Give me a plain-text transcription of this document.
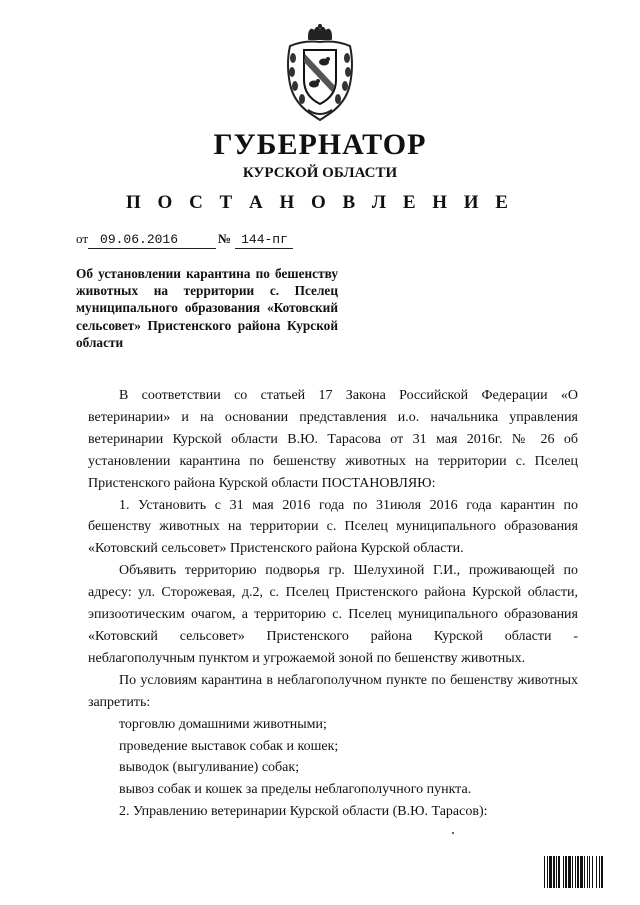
ГУБЕРНАТОР
КУРСКОЙ ОБЛАСТИ
П О С Т А Н О В Л Е Н И Е
от 09.06.2016	№ 144-пг
Об установлении карантина по бешенству животных на территории с. Пселец муниципального образования «Котовский сельсовет» Пристенского района Курской области

В соответствии со статьей 17 Закона Российской Федерации «О ветеринарии» и на основании представления и.о. начальника управления ветеринарии Курской области В.Ю. Тарасова от 31 мая 2016г. № 26 об установлении карантина по бешенству животных на территории с. Пселец Пристенского района Курской области ПОСТАНОВЛЯЮ:

1. Установить с 31 мая 2016 года по 31июля 2016 года карантин по бешенству животных на территории с. Пселец муниципального образования «Котовский сельсовет» Пристенского района Курской области.

Объявить территорию подворья гр. Шелухиной Г.И., проживающей по адресу: ул. Сторожевая, д.2, с. Пселец Пристенского района Курской области, эпизоотическим очагом, а территорию с. Пселец муниципального образования «Котовский сельсовет» Пристенского района Курской области - неблагополучным пунктом и угрожаемой зоной по бешенству животных.

По условиям карантина в неблагополучном пункте по бешенству животных запретить:

торговлю домашними животными;

проведение выставок собак и кошек;

выводок (выгуливание) собак;

вывоз собак и кошек за пределы неблагополучного пункта.

2. Управлению ветеринарии Курской области (В.Ю. Тарасов):
